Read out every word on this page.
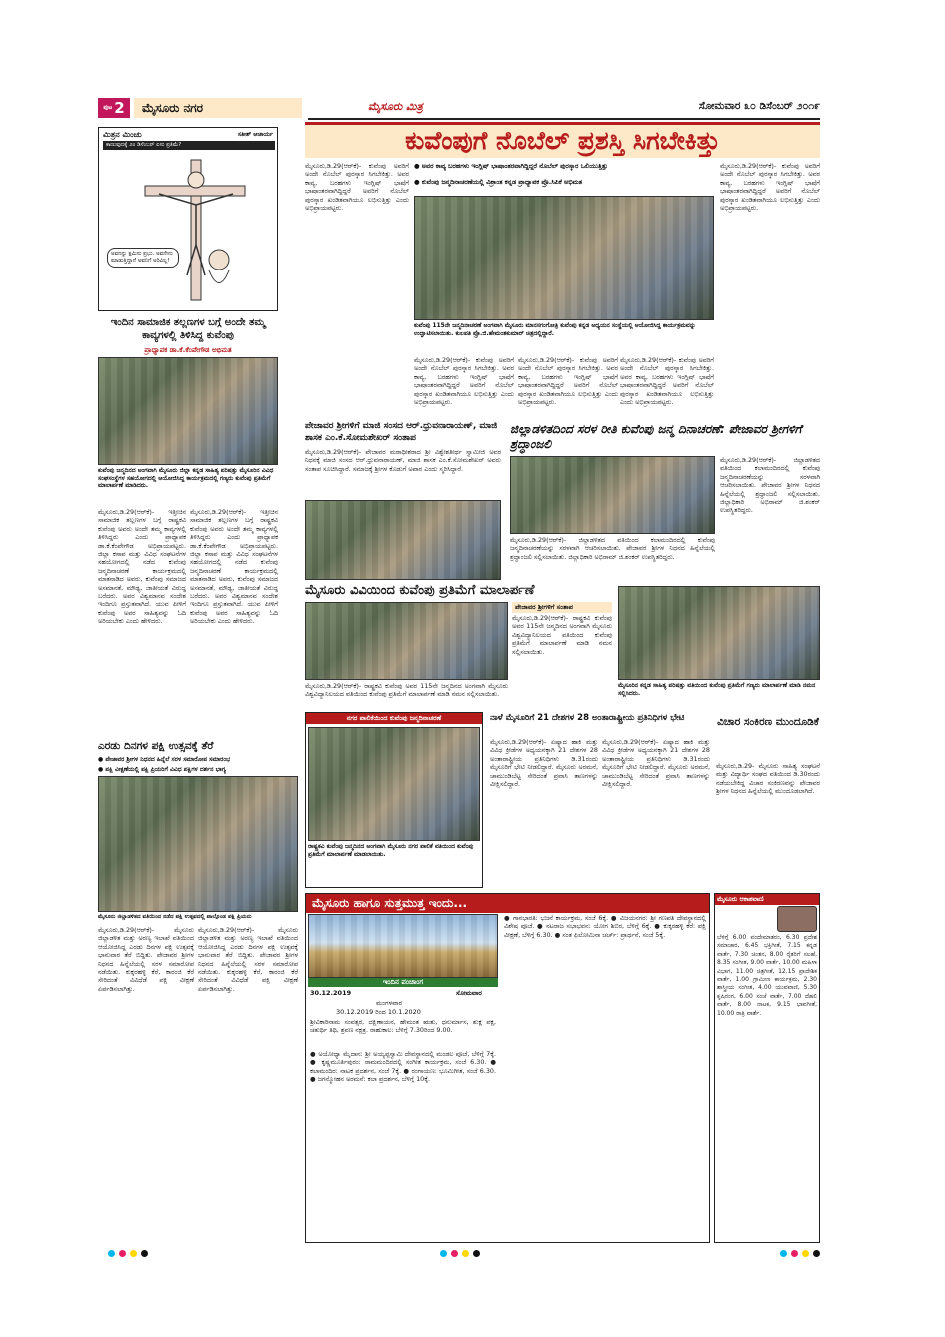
ಪುಟ 2	ಮೈಸೂರು ನಗರ	ಮೈಸೂರು ಮಿತ್ರ	ಸೋಮವಾರ ೩೦ ಡಿಸೆಂಬರ್ ೨೦೧೯
ಮಿತ್ರನ ಮಿಂಚು	ಸತೀಶ್ ಆಚಾರ್ಯ
ಕಾಣುವುದಕ್ಕೆ ೨೮ ಡಿಸೆಂಬರ್ ಏಸು ಪ್ರತಿಮೆ?
ಅವನನ್ನು ಕ್ಷಮಿಸು ಪ್ರಭು. ಅವನೇನು ಮಾಡುತ್ತಿದ್ದಾನೆ ಅವನಿಗೆ ಅರಿವಿಲ್ಲ!
ಇಂದಿನ ಸಾಮಾಜಿಕ ತಲ್ಲಣಗಳ ಬಗ್ಗೆ ಅಂದೇ ತಮ್ಮ ಕಾವ್ಯಗಳಲ್ಲಿ ತಿಳಿಸಿದ್ದ ಕುವೆಂಪು
ಪ್ರಾಧ್ಯಾಪಕ ಡಾ.ಕೆ.ಕೆಂಪೇಗೌಡ ಅಭಿಮತ
ಕುವೆಂಪು ಜನ್ಮದಿನದ ಅಂಗವಾಗಿ ಮೈಸೂರು ಜಿಲ್ಲಾ ಕನ್ನಡ ಸಾಹಿತ್ಯ ಪರಿಷತ್ತು ಮೈಸೂರಿನ ವಿವಿಧ ಸಂಘಸಂಸ್ಥೆಗಳ ಸಹಯೋಗದಲ್ಲಿ ಆಯೋಜಿಸಿದ್ದ ಕಾರ್ಯಕ್ರಮದಲ್ಲಿ ಗಣ್ಯರು ಕುವೆಂಪು ಪ್ರತಿಮೆಗೆ ಮಾಲಾರ್ಪಣೆ ಮಾಡಿದರು.
ಮೈಸೂರು,ಡಿ.29(ಆರ್‌ಕೆ)- ಇತ್ತೀಚಿನ ಸಾಮಾಜಿಕ ತಲ್ಲಣಗಳ ಬಗ್ಗೆ ರಾಷ್ಟ್ರಕವಿ ಕುವೆಂಪು ಅವರು ಅಂದೇ ತಮ್ಮ ಕಾವ್ಯಗಳಲ್ಲಿ ತಿಳಿಸಿದ್ದರು ಎಂದು ಪ್ರಾಧ್ಯಾಪಕ ಡಾ.ಕೆ.ಕೆಂಪೇಗೌಡ ಅಭಿಪ್ರಾಯಪಟ್ಟರು. ಜಿಲ್ಲಾ ಕಸಾಪ ಮತ್ತು ವಿವಿಧ ಸಂಘಟನೆಗಳ ಸಹಯೋಗದಲ್ಲಿ ನಡೆದ ಕುವೆಂಪು ಜನ್ಮದಿನಾಚರಣೆ ಕಾರ್ಯಕ್ರಮದಲ್ಲಿ ಮಾತನಾಡಿದ ಅವರು, ಕುವೆಂಪು ಸಮಾಜದ ಅಸಮಾನತೆ, ಮೌಢ್ಯ, ಜಾತೀಯತೆ ವಿರುದ್ಧ ಬರೆದರು. ಅವರ ವಿಶ್ವಮಾನವ ಸಂದೇಶ ಇಂದಿಗೂ ಪ್ರಸ್ತುತವಾಗಿದೆ. ಯುವ ಪೀಳಿಗೆ ಕುವೆಂಪು ಅವರ ಸಾಹಿತ್ಯವನ್ನು ಓದಿ ಅರಿಯಬೇಕು ಎಂದು ಹೇಳಿದರು.
ಮೈಸೂರು,ಡಿ.29(ಆರ್‌ಕೆ)- ಇತ್ತೀಚಿನ ಸಾಮಾಜಿಕ ತಲ್ಲಣಗಳ ಬಗ್ಗೆ ರಾಷ್ಟ್ರಕವಿ ಕುವೆಂಪು ಅವರು ಅಂದೇ ತಮ್ಮ ಕಾವ್ಯಗಳಲ್ಲಿ ತಿಳಿಸಿದ್ದರು ಎಂದು ಪ್ರಾಧ್ಯಾಪಕ ಡಾ.ಕೆ.ಕೆಂಪೇಗೌಡ ಅಭಿಪ್ರಾಯಪಟ್ಟರು. ಜಿಲ್ಲಾ ಕಸಾಪ ಮತ್ತು ವಿವಿಧ ಸಂಘಟನೆಗಳ ಸಹಯೋಗದಲ್ಲಿ ನಡೆದ ಕುವೆಂಪು ಜನ್ಮದಿನಾಚರಣೆ ಕಾರ್ಯಕ್ರಮದಲ್ಲಿ ಮಾತನಾಡಿದ ಅವರು, ಕುವೆಂಪು ಸಮಾಜದ ಅಸಮಾನತೆ, ಮೌಢ್ಯ, ಜಾತೀಯತೆ ವಿರುದ್ಧ ಬರೆದರು. ಅವರ ವಿಶ್ವಮಾನವ ಸಂದೇಶ ಇಂದಿಗೂ ಪ್ರಸ್ತುತವಾಗಿದೆ. ಯುವ ಪೀಳಿಗೆ ಕುವೆಂಪು ಅವರ ಸಾಹಿತ್ಯವನ್ನು ಓದಿ ಅರಿಯಬೇಕು ಎಂದು ಹೇಳಿದರು.
ಎರಡು ದಿನಗಳ ಪಕ್ಷಿ ಉತ್ಸವಕ್ಕೆ ತೆರೆ
● ಪೇಜಾವರ ಶ್ರೀಗಳ ನಿಧನದ ಹಿನ್ನೆಲೆ ಸರಳ ಸಮಾರೋಪ ಸಮಾರಂಭ
● ಪಕ್ಷಿ ವೀಕ್ಷಣೆಯಲ್ಲಿ ಪಕ್ಷಿ ಪ್ರಿಯರಿಗೆ ವಿವಿಧ ಪಕ್ಷಿಗಳ ದರ್ಶನ ಭಾಗ್ಯ
ಮೈಸೂರು ಜಿಲ್ಲಾಡಳಿತದ ವತಿಯಿಂದ ನಡೆದ ಪಕ್ಷಿ ಉತ್ಸವದಲ್ಲಿ ಪಾಲ್ಗೊಂಡ ಪಕ್ಷಿ ಪ್ರಿಯರು
ಮೈಸೂರು,ಡಿ.29(ಆರ್‌ಕೆ)- ಮೈಸೂರು ಜಿಲ್ಲಾಡಳಿತ ಮತ್ತು ಅರಣ್ಯ ಇಲಾಖೆ ವತಿಯಿಂದ ಆಯೋಜಿಸಿದ್ದ ಎರಡು ದಿನಗಳ ಪಕ್ಷಿ ಉತ್ಸವಕ್ಕೆ ಭಾನುವಾರ ತೆರೆ ಬಿದ್ದಿತು. ಪೇಜಾವರ ಶ್ರೀಗಳ ನಿಧನದ ಹಿನ್ನೆಲೆಯಲ್ಲಿ ಸರಳ ಸಮಾರೋಪ ನಡೆಯಿತು. ಕುಕ್ಕರಹಳ್ಳಿ ಕೆರೆ, ಕಾರಂಜಿ ಕೆರೆ ಸೇರಿದಂತೆ ವಿವಿಧೆಡೆ ಪಕ್ಷಿ ವೀಕ್ಷಣೆ ಏರ್ಪಡಿಸಲಾಗಿತ್ತು.
ಮೈಸೂರು,ಡಿ.29(ಆರ್‌ಕೆ)- ಮೈಸೂರು ಜಿಲ್ಲಾಡಳಿತ ಮತ್ತು ಅರಣ್ಯ ಇಲಾಖೆ ವತಿಯಿಂದ ಆಯೋಜಿಸಿದ್ದ ಎರಡು ದಿನಗಳ ಪಕ್ಷಿ ಉತ್ಸವಕ್ಕೆ ಭಾನುವಾರ ತೆರೆ ಬಿದ್ದಿತು. ಪೇಜಾವರ ಶ್ರೀಗಳ ನಿಧನದ ಹಿನ್ನೆಲೆಯಲ್ಲಿ ಸರಳ ಸಮಾರೋಪ ನಡೆಯಿತು. ಕುಕ್ಕರಹಳ್ಳಿ ಕೆರೆ, ಕಾರಂಜಿ ಕೆರೆ ಸೇರಿದಂತೆ ವಿವಿಧೆಡೆ ಪಕ್ಷಿ ವೀಕ್ಷಣೆ ಏರ್ಪಡಿಸಲಾಗಿತ್ತು.
ಕುವೆಂಪುಗೆ ನೊಬೆಲ್ ಪ್ರಶಸ್ತಿ ಸಿಗಬೇಕಿತ್ತು
ಮೈಸೂರು,ಡಿ.29(ಆರ್‌ಕೆ)- ಕುವೆಂಪು ಅವರಿಗೆ ಅಂದೇ ನೊಬೆಲ್ ಪುರಸ್ಕಾರ ಸಿಗಬೇಕಿತ್ತು. ಅವರ ಕಾವ್ಯ, ಬರಹಗಳು ಇಂಗ್ಲಿಷ್ ಭಾಷೆಗೆ ಭಾಷಾಂತರವಾಗಿದ್ದಿದ್ದರೆ ಅವರಿಗೆ ನೊಬೆಲ್ ಪುರಸ್ಕಾರ ಖಂಡಿತವಾಗಿಯೂ ಲಭಿಸುತ್ತಿತ್ತು ಎಂದು ಅಭಿಪ್ರಾಯಪಟ್ಟರು.
● ಅವರ ಕಾವ್ಯ ಬರಹಗಳು ಇಂಗ್ಲಿಷ್ ಭಾಷಾಂತರವಾಗಿದ್ದಿದ್ದರೆ ನೊಬೆಲ್ ಪುರಸ್ಕಾರ ಒಲಿಯುತ್ತಿತ್ತು
● ಕುವೆಂಪು ಜನ್ಮದಿನಾಚರಣೆಯಲ್ಲಿ ವಿಶ್ರಾಂತ ಕನ್ನಡ ಪ್ರಾಧ್ಯಾಪಕ ಪ್ರೊ.ಸಿಪಿಕೆ ಅಭಿಮತ
ಕುವೆಂಪು 115ನೇ ಜನ್ಮದಿನಾಚರಣೆ ಅಂಗವಾಗಿ ಮೈಸೂರು ಮಾನಸಗಂಗೋತ್ರಿ ಕುವೆಂಪು ಕನ್ನಡ ಅಧ್ಯಯನ ಸಂಸ್ಥೆಯಲ್ಲಿ ಆಯೋಜಿಸಿದ್ದ ಕಾರ್ಯಕ್ರಮವನ್ನು ಉದ್ಘಾಟಿಸಲಾಯಿತು. ಕುಲಪತಿ ಪ್ರೊ.ಜಿ.ಹೇಮಂತಕುಮಾರ್ ಚಿತ್ರದಲ್ಲಿದ್ದಾರೆ.
ಮೈಸೂರು,ಡಿ.29(ಆರ್‌ಕೆ)- ಕುವೆಂಪು ಅವರಿಗೆ ಅಂದೇ ನೊಬೆಲ್ ಪುರಸ್ಕಾರ ಸಿಗಬೇಕಿತ್ತು. ಅವರ ಕಾವ್ಯ, ಬರಹಗಳು ಇಂಗ್ಲಿಷ್ ಭಾಷೆಗೆ ಭಾಷಾಂತರವಾಗಿದ್ದಿದ್ದರೆ ಅವರಿಗೆ ನೊಬೆಲ್ ಪುರಸ್ಕಾರ ಖಂಡಿತವಾಗಿಯೂ ಲಭಿಸುತ್ತಿತ್ತು ಎಂದು ಅಭಿಪ್ರಾಯಪಟ್ಟರು.
ಮೈಸೂರು,ಡಿ.29(ಆರ್‌ಕೆ)- ಕುವೆಂಪು ಅವರಿಗೆ ಅಂದೇ ನೊಬೆಲ್ ಪುರಸ್ಕಾರ ಸಿಗಬೇಕಿತ್ತು. ಅವರ ಕಾವ್ಯ, ಬರಹಗಳು ಇಂಗ್ಲಿಷ್ ಭಾಷೆಗೆ ಭಾಷಾಂತರವಾಗಿದ್ದಿದ್ದರೆ ಅವರಿಗೆ ನೊಬೆಲ್ ಪುರಸ್ಕಾರ ಖಂಡಿತವಾಗಿಯೂ ಲಭಿಸುತ್ತಿತ್ತು ಎಂದು ಅಭಿಪ್ರಾಯಪಟ್ಟರು.
ಮೈಸೂರು,ಡಿ.29(ಆರ್‌ಕೆ)- ಕುವೆಂಪು ಅವರಿಗೆ ಅಂದೇ ನೊಬೆಲ್ ಪುರಸ್ಕಾರ ಸಿಗಬೇಕಿತ್ತು. ಅವರ ಕಾವ್ಯ, ಬರಹಗಳು ಇಂಗ್ಲಿಷ್ ಭಾಷೆಗೆ ಭಾಷಾಂತರವಾಗಿದ್ದಿದ್ದರೆ ಅವರಿಗೆ ನೊಬೆಲ್ ಪುರಸ್ಕಾರ ಖಂಡಿತವಾಗಿಯೂ ಲಭಿಸುತ್ತಿತ್ತು ಎಂದು ಅಭಿಪ್ರಾಯಪಟ್ಟರು.
ಮೈಸೂರು,ಡಿ.29(ಆರ್‌ಕೆ)- ಕುವೆಂಪು ಅವರಿಗೆ ಅಂದೇ ನೊಬೆಲ್ ಪುರಸ್ಕಾರ ಸಿಗಬೇಕಿತ್ತು. ಅವರ ಕಾವ್ಯ, ಬರಹಗಳು ಇಂಗ್ಲಿಷ್ ಭಾಷೆಗೆ ಭಾಷಾಂತರವಾಗಿದ್ದಿದ್ದರೆ ಅವರಿಗೆ ನೊಬೆಲ್ ಪುರಸ್ಕಾರ ಖಂಡಿತವಾಗಿಯೂ ಲಭಿಸುತ್ತಿತ್ತು ಎಂದು ಅಭಿಪ್ರಾಯಪಟ್ಟರು.
ಪೇಜಾವರ ಶ್ರೀಗಳಿಗೆ ಮಾಜಿ ಸಂಸದ ಆರ್.ಧ್ರುವನಾರಾಯಣ್, ಮಾಜಿ ಶಾಸಕ ಎಂ.ಕೆ.ಸೋಮಶೇಖರ್ ಸಂತಾಪ
ಮೈಸೂರು,ಡಿ.29(ಆರ್‌ಕೆ)- ಪೇಜಾವರ ಮಠಾಧೀಶರಾದ ಶ್ರೀ ವಿಶ್ವೇಶತೀರ್ಥ ಸ್ವಾಮೀಜಿ ಅವರ ನಿಧನಕ್ಕೆ ಮಾಜಿ ಸಂಸದ ಆರ್.ಧ್ರುವನಾರಾಯಣ್, ಮಾಜಿ ಶಾಸಕ ಎಂ.ಕೆ.ಸೋಮಶೇಖರ್ ಅವರು ಸಂತಾಪ ಸೂಚಿಸಿದ್ದಾರೆ. ಸಮಾಜಕ್ಕೆ ಶ್ರೀಗಳ ಕೊಡುಗೆ ಅಪಾರ ಎಂದು ಸ್ಮರಿಸಿದ್ದಾರೆ.
ಜಿಲ್ಲಾಡಳಿತದಿಂದ ಸರಳ ರೀತಿ ಕುವೆಂಪು ಜನ್ಮ ದಿನಾಚರಣೆ: ಪೇಜಾವರ ಶ್ರೀಗಳಿಗೆ ಶ್ರದ್ಧಾಂಜಲಿ
ಮೈಸೂರು,ಡಿ.29(ಆರ್‌ಕೆ)- ಜಿಲ್ಲಾಡಳಿತದ ವತಿಯಿಂದ ಕಲಾಮಂದಿರದಲ್ಲಿ ಕುವೆಂಪು ಜನ್ಮದಿನಾಚರಣೆಯನ್ನು ಸರಳವಾಗಿ ಆಚರಿಸಲಾಯಿತು. ಪೇಜಾವರ ಶ್ರೀಗಳ ನಿಧನದ ಹಿನ್ನೆಲೆಯಲ್ಲಿ ಶ್ರದ್ಧಾಂಜಲಿ ಸಲ್ಲಿಸಲಾಯಿತು. ಜಿಲ್ಲಾಧಿಕಾರಿ ಅಭಿರಾಮ್ ಜಿ.ಶಂಕರ್ ಉಪಸ್ಥಿತರಿದ್ದರು.
ಮೈಸೂರು,ಡಿ.29(ಆರ್‌ಕೆ)- ಜಿಲ್ಲಾಡಳಿತದ ವತಿಯಿಂದ ಕಲಾಮಂದಿರದಲ್ಲಿ ಕುವೆಂಪು ಜನ್ಮದಿನಾಚರಣೆಯನ್ನು ಸರಳವಾಗಿ ಆಚರಿಸಲಾಯಿತು. ಪೇಜಾವರ ಶ್ರೀಗಳ ನಿಧನದ ಹಿನ್ನೆಲೆಯಲ್ಲಿ ಶ್ರದ್ಧಾಂಜಲಿ ಸಲ್ಲಿಸಲಾಯಿತು. ಜಿಲ್ಲಾಧಿಕಾರಿ ಅಭಿರಾಮ್ ಜಿ.ಶಂಕರ್ ಉಪಸ್ಥಿತರಿದ್ದರು.
ಮೈಸೂರು ವಿವಿಯಿಂದ ಕುವೆಂಪು ಪ್ರತಿಮೆಗೆ ಮಾಲಾರ್ಪಣೆ
ಪೇಜಾವರ ಶ್ರೀಗಳಿಗೆ ಸಂತಾಪ
ಮೈಸೂರು,ಡಿ.29(ಆರ್‌ಕೆ)- ರಾಷ್ಟ್ರಕವಿ ಕುವೆಂಪು ಅವರ 115ನೇ ಜನ್ಮದಿನದ ಅಂಗವಾಗಿ ಮೈಸೂರು ವಿಶ್ವವಿದ್ಯಾನಿಲಯದ ವತಿಯಿಂದ ಕುವೆಂಪು ಪ್ರತಿಮೆಗೆ ಮಾಲಾರ್ಪಣೆ ಮಾಡಿ ನಮನ ಸಲ್ಲಿಸಲಾಯಿತು.
ಮೈಸೂರು,ಡಿ.29(ಆರ್‌ಕೆ)- ರಾಷ್ಟ್ರಕವಿ ಕುವೆಂಪು ಅವರ 115ನೇ ಜನ್ಮದಿನದ ಅಂಗವಾಗಿ ಮೈಸೂರು ವಿಶ್ವವಿದ್ಯಾನಿಲಯದ ವತಿಯಿಂದ ಕುವೆಂಪು ಪ್ರತಿಮೆಗೆ ಮಾಲಾರ್ಪಣೆ ಮಾಡಿ ನಮನ ಸಲ್ಲಿಸಲಾಯಿತು.
ಮೈಸೂರಿನ ಕನ್ನಡ ಸಾಹಿತ್ಯ ಪರಿಷತ್ತು ವತಿಯಿಂದ ಕುವೆಂಪು ಪ್ರತಿಮೆಗೆ ಗಣ್ಯರು ಮಾಲಾರ್ಪಣೆ ಮಾಡಿ ನಮನ ಸಲ್ಲಿಸಿದರು.
ನಗರ ಪಾಲಿಕೆಯಿಂದ ಕುವೆಂಪು ಜನ್ಮದಿನಾಚರಣೆ
ರಾಷ್ಟ್ರಕವಿ ಕುವೆಂಪು ಜನ್ಮದಿನದ ಅಂಗವಾಗಿ ಮೈಸೂರು ನಗರ ಪಾಲಿಕೆ ವತಿಯಿಂದ ಕುವೆಂಪು ಪ್ರತಿಮೆಗೆ ಮಾಲಾರ್ಪಣೆ ಮಾಡಲಾಯಿತು.
ನಾಳೆ ಮೈಸೂರಿಗೆ 21 ದೇಶಗಳ 28 ಅಂತಾರಾಷ್ಟ್ರೀಯ ಪ್ರತಿನಿಧಿಗಳ ಭೇಟಿ
ಮೈಸೂರು,ಡಿ.29(ಆರ್‌ಕೆ)- ಏಷ್ಯಾದ ಹಾಕಿ ಮತ್ತು ವಿವಿಧ ಕ್ರೀಡೆಗಳ ಅಧ್ಯಯನಕ್ಕಾಗಿ 21 ದೇಶಗಳ 28 ಅಂತಾರಾಷ್ಟ್ರೀಯ ಪ್ರತಿನಿಧಿಗಳು ಡಿ.31ರಂದು ಮೈಸೂರಿಗೆ ಭೇಟಿ ನೀಡಲಿದ್ದಾರೆ. ಮೈಸೂರು ಅರಮನೆ, ಚಾಮುಂಡಿಬೆಟ್ಟ ಸೇರಿದಂತೆ ಪ್ರವಾಸಿ ತಾಣಗಳನ್ನು ವೀಕ್ಷಿಸಲಿದ್ದಾರೆ.
ಮೈಸೂರು,ಡಿ.29(ಆರ್‌ಕೆ)- ಏಷ್ಯಾದ ಹಾಕಿ ಮತ್ತು ವಿವಿಧ ಕ್ರೀಡೆಗಳ ಅಧ್ಯಯನಕ್ಕಾಗಿ 21 ದೇಶಗಳ 28 ಅಂತಾರಾಷ್ಟ್ರೀಯ ಪ್ರತಿನಿಧಿಗಳು ಡಿ.31ರಂದು ಮೈಸೂರಿಗೆ ಭೇಟಿ ನೀಡಲಿದ್ದಾರೆ. ಮೈಸೂರು ಅರಮನೆ, ಚಾಮುಂಡಿಬೆಟ್ಟ ಸೇರಿದಂತೆ ಪ್ರವಾಸಿ ತಾಣಗಳನ್ನು ವೀಕ್ಷಿಸಲಿದ್ದಾರೆ.
ವಿಚಾರ ಸಂಕಿರಣ ಮುಂದೂಡಿಕೆ
ಮೈಸೂರು,ಡಿ.29- ಮೈಸೂರು ಸಾಹಿತ್ಯ ಸಂಘಟನೆ ಮತ್ತು ವಿದ್ಯಾರ್ಥಿ ಸಂಘದ ವತಿಯಿಂದ ಡಿ.30ರಂದು ನಡೆಯಬೇಕಿದ್ದ ವಿಚಾರ ಸಂಕಿರಣವನ್ನು ಪೇಜಾವರ ಶ್ರೀಗಳ ನಿಧನದ ಹಿನ್ನೆಲೆಯಲ್ಲಿ ಮುಂದೂಡಲಾಗಿದೆ.
ಮೈಸೂರು ಹಾಗೂ ಸುತ್ತಮುತ್ತ ಇಂದು...
ಇಂದಿನ ಪಂಚಾಂಗ
30.12.2019	ಸೋಮವಾರ
ಮಂಗಳವಾರ
30.12.2019 ರಿಂದ 10.1.2020
ಶ್ರೀವಿಕಾರಿನಾಮ ಸಂವತ್ಸರ, ದಕ್ಷಿಣಾಯನ, ಹೇಮಂತ ಋತು, ಧನುರ್ಮಾಸ, ಶುಕ್ಲ ಪಕ್ಷ, ಚತುರ್ಥಿ ತಿಥಿ, ಶ್ರವಣ ನಕ್ಷತ್ರ. ರಾಹುಕಾಲ: ಬೆಳಿಗ್ಗೆ 7.30ರಿಂದ 9.00.
● ಅಯೋಧ್ಯಾ ಮೈದಾನ: ಶ್ರೀ ಅಯ್ಯಪ್ಪಸ್ವಾಮಿ ದೇವಸ್ಥಾನದಲ್ಲಿ ಮಂಡಲ ಪೂಜೆ, ಬೆಳಿಗ್ಗೆ 7ಕ್ಕೆ. ● ಕೃಷ್ಣಮೂರ್ತಿಪುರಂ: ರಾಮಮಂದಿರದಲ್ಲಿ ಸಂಗೀತ ಕಾರ್ಯಕ್ರಮ, ಸಂಜೆ 6.30. ● ಕಲಾಮಂದಿರ: ನಾಟಕ ಪ್ರದರ್ಶನ, ಸಂಜೆ 7ಕ್ಕೆ. ● ರಂಗಾಯಣ: ಭೂಮಿಗೀತ, ಸಂಜೆ 6.30. ● ಜಗನ್ಮೋಹನ ಅರಮನೆ: ಕಲಾ ಪ್ರದರ್ಶನ, ಬೆಳಿಗ್ಗೆ 10ಕ್ಕೆ.
● ಗಾನಭಾರತಿ: ಭಜನೆ ಕಾರ್ಯಕ್ರಮ, ಸಂಜೆ 6ಕ್ಕೆ. ● ವಿಜಯನಗರ: ಶ್ರೀ ಗಣಪತಿ ದೇವಸ್ಥಾನದಲ್ಲಿ ವಿಶೇಷ ಪೂಜೆ. ● ನಟರಾಜ ಸಭಾಭವನ: ಯೋಗ ಶಿಬಿರ, ಬೆಳಿಗ್ಗೆ 6ಕ್ಕೆ. ● ಕುಕ್ಕರಹಳ್ಳಿ ಕೆರೆ: ಪಕ್ಷಿ ವೀಕ್ಷಣೆ, ಬೆಳಿಗ್ಗೆ 6.30. ● ಸಂತ ಫಿಲೋಮಿನಾ ಚರ್ಚ್: ಪ್ರಾರ್ಥನೆ, ಸಂಜೆ 5ಕ್ಕೆ.
ಮೈಸೂರು ಆಕಾಶವಾಣಿ
ಬೆಳಿಗ್ಗೆ 6.00 ವಂದೇಮಾತರಂ, 6.30 ಪ್ರದೇಶ ಸಮಾಚಾರ, 6.45 ಭಕ್ತಿಗೀತೆ, 7.15 ಕನ್ನಡ ವಾರ್ತೆ, 7.30 ಚಿಂತನ, 8.00 ರೈತರಿಗೆ ಸಲಹೆ, 8.35 ಸಂಗೀತ, 9.00 ವಾರ್ತೆ, 10.00 ಮಹಿಳಾ ವಿಭಾಗ, 11.00 ಚಿತ್ರಗೀತೆ, 12.15 ಪ್ರಾದೇಶಿಕ ವಾರ್ತೆ, 1.00 ಗ್ರಾಮೀಣ ಕಾರ್ಯಕ್ರಮ, 2.30 ಶಾಸ್ತ್ರೀಯ ಸಂಗೀತ, 4.00 ಯುವವಾಣಿ, 5.30 ಕೃಷಿರಂಗ, 6.00 ಸಂಜೆ ವಾರ್ತೆ, 7.00 ದೆಹಲಿ ವಾರ್ತೆ, 8.00 ನಾಟಕ, 9.15 ಭಾವಗೀತೆ, 10.00 ರಾತ್ರಿ ವಾರ್ತೆ.
